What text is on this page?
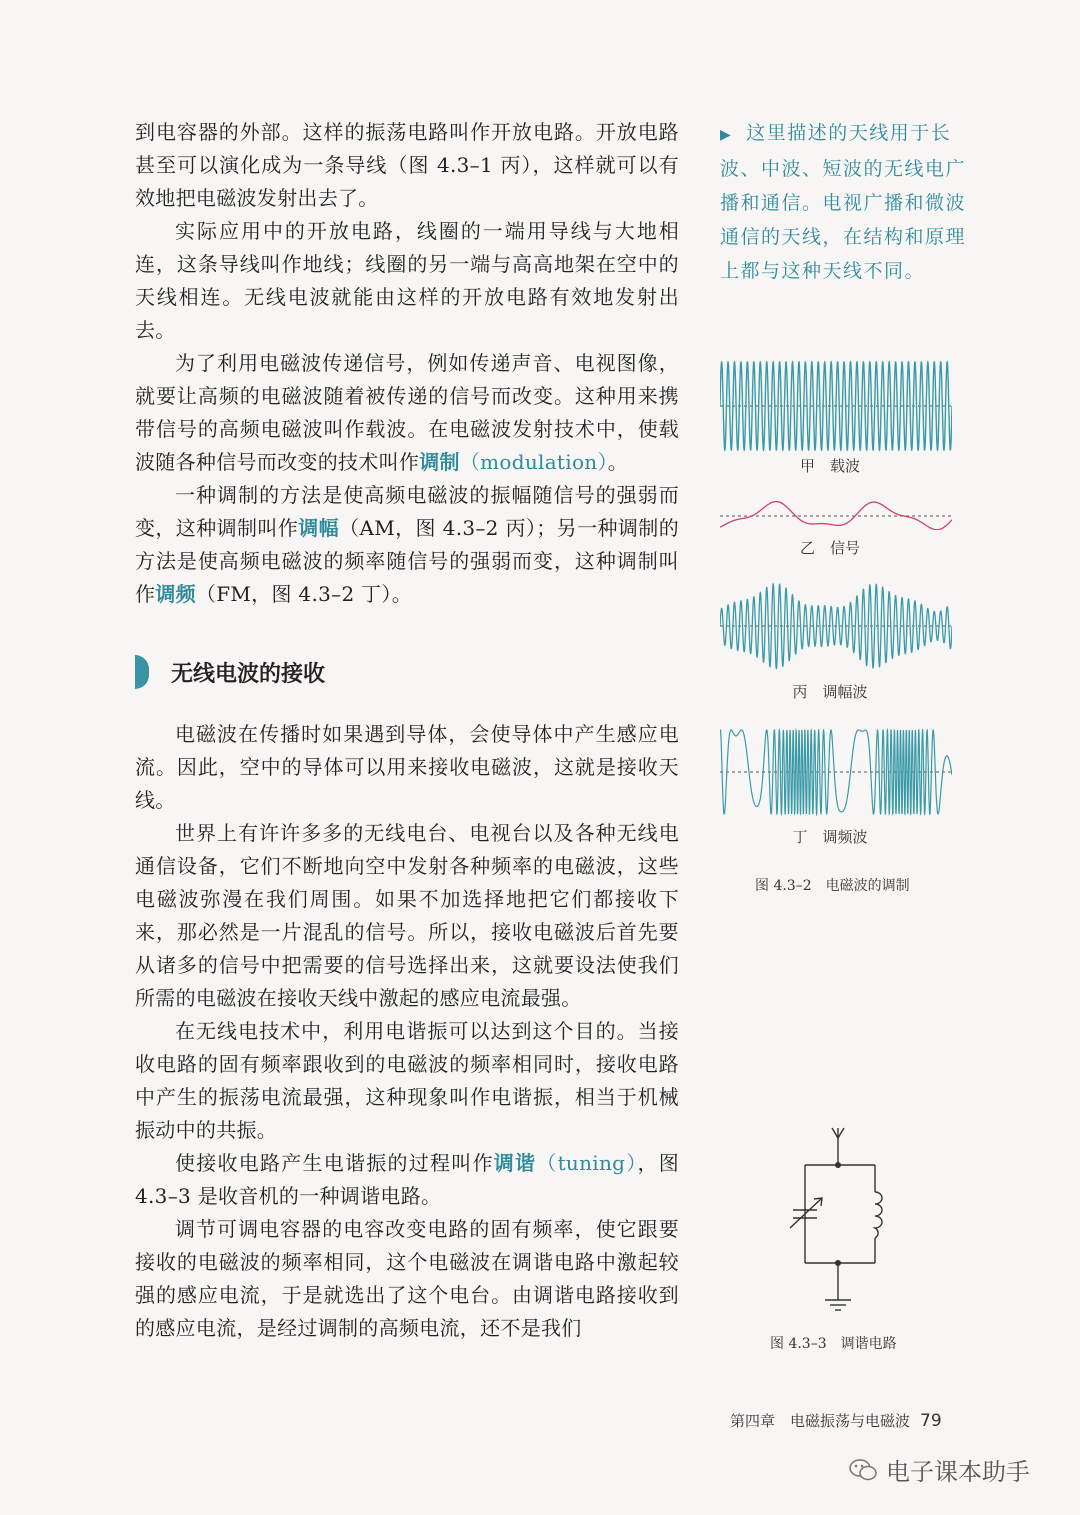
到电容器的外部。这样的振荡电路叫作开放电路。开放电路甚至可以演化成为一条导线（图 4.3–1 丙），这样就可以有效地把电磁波发射出去了。

实际应用中的开放电路，线圈的一端用导线与大地相连，这条导线叫作地线；线圈的另一端与高高地架在空中的天线相连。无线电波就能由这样的开放电路有效地发射出去。

为了利用电磁波传递信号，例如传递声音、电视图像，就要让高频的电磁波随着被传递的信号而改变。这种用来携带信号的高频电磁波叫作载波。在电磁波发射技术中，使载波随各种信号而改变的技术叫作调制（modulation）。

一种调制的方法是使高频电磁波的振幅随信号的强弱而变，这种调制叫作调幅（AM，图 4.3–2 丙）；另一种调制的方法是使高频电磁波的频率随信号的强弱而变，这种调制叫作调频（FM，图 4.3–2 丁）。

无线电波的接收

电磁波在传播时如果遇到导体，会使导体中产生感应电流。因此，空中的导体可以用来接收电磁波，这就是接收天线。

世界上有许许多多的无线电台、电视台以及各种无线电通信设备，它们不断地向空中发射各种频率的电磁波，这些电磁波弥漫在我们周围。如果不加选择地把它们都接收下来，那必然是一片混乱的信号。所以，接收电磁波后首先要从诸多的信号中把需要的信号选择出来，这就要设法使我们所需的电磁波在接收天线中激起的感应电流最强。

在无线电技术中，利用电谐振可以达到这个目的。当接收电路的固有频率跟收到的电磁波的频率相同时，接收电路中产生的振荡电流最强，这种现象叫作电谐振，相当于机械振动中的共振。

使接收电路产生电谐振的过程叫作调谐（tuning），图 4.3–3 是收音机的一种调谐电路。

调节可调电容器的电容改变电路的固有频率，使它跟要接收的电磁波的频率相同，这个电磁波在调谐电路中激起较强的感应电流，于是就选出了这个电台。由调谐电路接收到的感应电流，是经过调制的高频电流，还不是我们

▶ 这里描述的天线用于长波、中波、短波的无线电广播和通信。电视广播和微波通信的天线，在结构和原理上都与这种天线不同。
甲　载波
乙　信号
丙　调幅波
丁　调频波
图 4.3–2　电磁波的调制
图 4.3–3　调谐电路
第四章　电磁振荡与电磁波 79
电子课本助手
